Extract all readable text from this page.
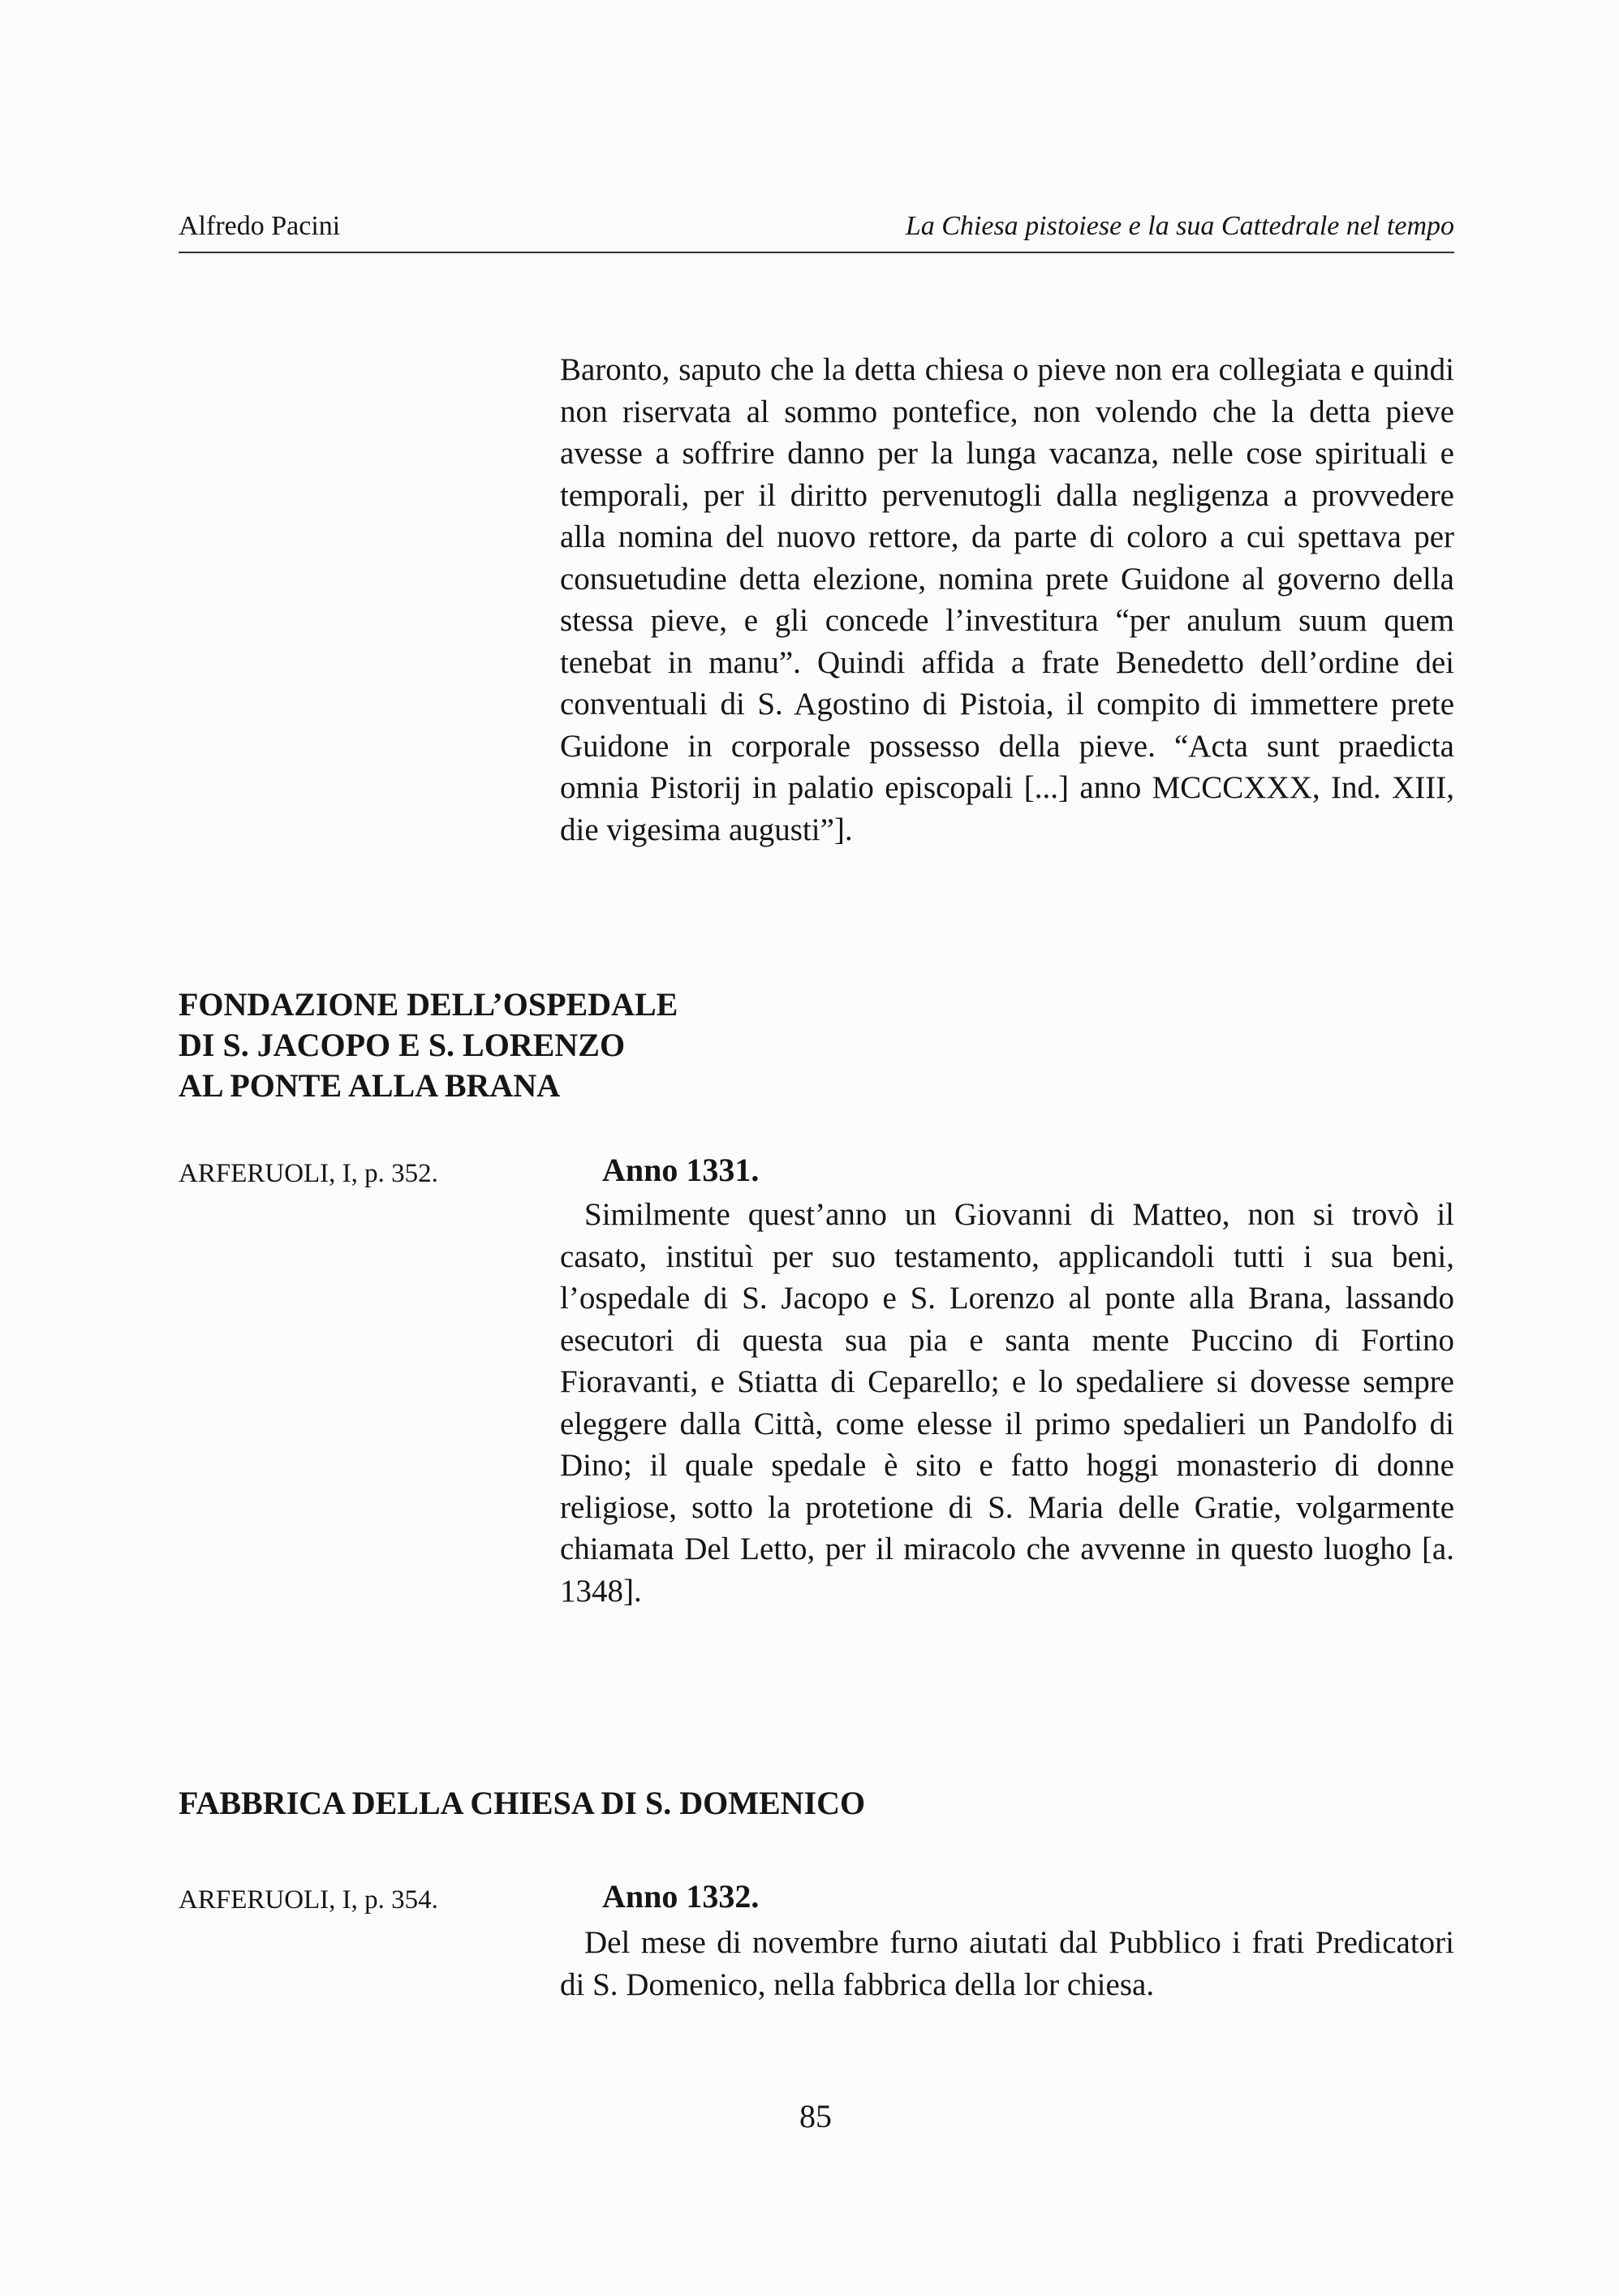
Alfredo Pacini	La Chiesa pistoiese e la sua Cattedrale nel tempo

Baronto, saputo che la detta chiesa o pieve non era collegiata e quindi non riservata al sommo pontefice, non volendo che la detta pieve avesse a soffrire danno per la lunga vacanza, nelle cose spirituali e temporali, per il diritto pervenutogli dalla negligenza a provvedere alla nomina del nuovo rettore, da parte di coloro a cui spettava per consuetudine detta elezione, nomina prete Guidone al governo della stessa pieve, e gli concede l’investitura “per anulum suum quem tenebat in manu”. Quindi affida a frate Benedetto dell’ordine dei conventuali di S. Agostino di Pistoia, il compito di immettere prete Guidone in corporale possesso della pieve. “Acta sunt praedicta omnia Pistorij in palatio episcopali [...] anno MCCCXXX, Ind. XIII, die vigesima augusti”].

FONDAZIONE DELL’OSPEDALE
DI S. JACOPO E S. LORENZO
AL PONTE ALLA BRANA
ARFERUOLI, I, p. 352.	Anno 1331.

Similmente quest’anno un Giovanni di Matteo, non si trovò il casato, instituì per suo testamento, applicandoli tutti i sua beni, l’ospedale di S. Jacopo e S. Lorenzo al ponte alla Brana, lassando esecutori di questa sua pia e santa mente Puccino di Fortino Fioravanti, e Stiatta di Ceparello; e lo spedaliere si dovesse sempre eleggere dalla Città, come elesse il primo spedalieri un Pandolfo di Dino; il quale spedale è sito e fatto hoggi monasterio di donne religiose, sotto la protetione di S. Maria delle Gratie, volgarmente chiamata Del Letto, per il miracolo che avvenne in questo luogho [a. 1348].

FABBRICA DELLA CHIESA DI S. DOMENICO
ARFERUOLI, I, p. 354.	Anno 1332.

Del mese di novembre furno aiutati dal Pubblico i frati Predicatori di S. Domenico, nella fabbrica della lor chiesa.

85
